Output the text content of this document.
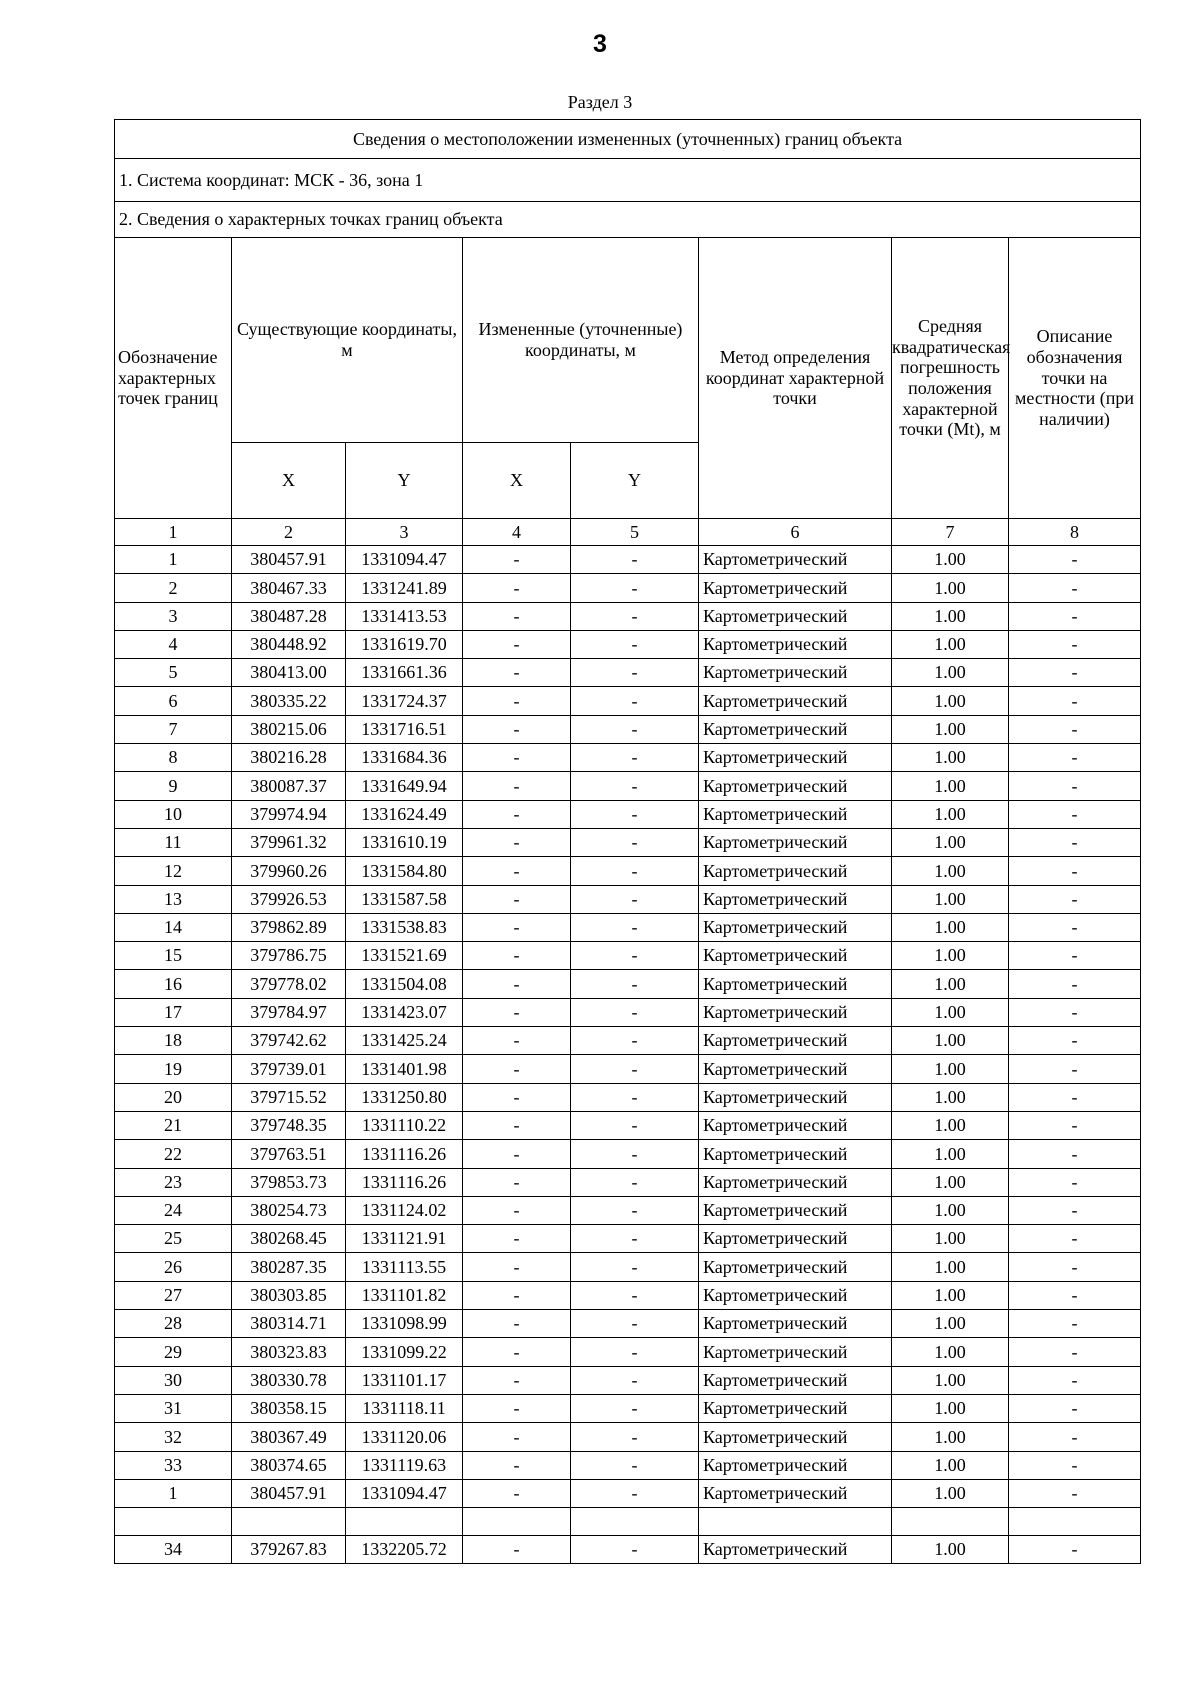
3
Раздел 3
Сведения о местоположении измененных (уточненных) границ объекта							
1. Система координат: МСК - 36, зона 1							
2. Сведения о характерных точках границ объекта							
Обозначение характерных точек границ	Существующие координаты, м		Измененные (уточненные) координаты, м		Метод определения координат характерной точки	Средняя квадратическая погрешность положения характерной точки (Mt), м	Описание обозначения точки на местности (при наличии)
	X	Y	X	Y			
1	2	3	4	5	6	7	8
1	380457.91	1331094.47	-	-	Картометрический	1.00	-
2	380467.33	1331241.89	-	-	Картометрический	1.00	-
3	380487.28	1331413.53	-	-	Картометрический	1.00	-
4	380448.92	1331619.70	-	-	Картометрический	1.00	-
5	380413.00	1331661.36	-	-	Картометрический	1.00	-
6	380335.22	1331724.37	-	-	Картометрический	1.00	-
7	380215.06	1331716.51	-	-	Картометрический	1.00	-
8	380216.28	1331684.36	-	-	Картометрический	1.00	-
9	380087.37	1331649.94	-	-	Картометрический	1.00	-
10	379974.94	1331624.49	-	-	Картометрический	1.00	-
11	379961.32	1331610.19	-	-	Картометрический	1.00	-
12	379960.26	1331584.80	-	-	Картометрический	1.00	-
13	379926.53	1331587.58	-	-	Картометрический	1.00	-
14	379862.89	1331538.83	-	-	Картометрический	1.00	-
15	379786.75	1331521.69	-	-	Картометрический	1.00	-
16	379778.02	1331504.08	-	-	Картометрический	1.00	-
17	379784.97	1331423.07	-	-	Картометрический	1.00	-
18	379742.62	1331425.24	-	-	Картометрический	1.00	-
19	379739.01	1331401.98	-	-	Картометрический	1.00	-
20	379715.52	1331250.80	-	-	Картометрический	1.00	-
21	379748.35	1331110.22	-	-	Картометрический	1.00	-
22	379763.51	1331116.26	-	-	Картометрический	1.00	-
23	379853.73	1331116.26	-	-	Картометрический	1.00	-
24	380254.73	1331124.02	-	-	Картометрический	1.00	-
25	380268.45	1331121.91	-	-	Картометрический	1.00	-
26	380287.35	1331113.55	-	-	Картометрический	1.00	-
27	380303.85	1331101.82	-	-	Картометрический	1.00	-
28	380314.71	1331098.99	-	-	Картометрический	1.00	-
29	380323.83	1331099.22	-	-	Картометрический	1.00	-
30	380330.78	1331101.17	-	-	Картометрический	1.00	-
31	380358.15	1331118.11	-	-	Картометрический	1.00	-
32	380367.49	1331120.06	-	-	Картометрический	1.00	-
33	380374.65	1331119.63	-	-	Картометрический	1.00	-
1	380457.91	1331094.47	-	-	Картометрический	1.00	-

34	379267.83	1332205.72	-	-	Картометрический	1.00	-
